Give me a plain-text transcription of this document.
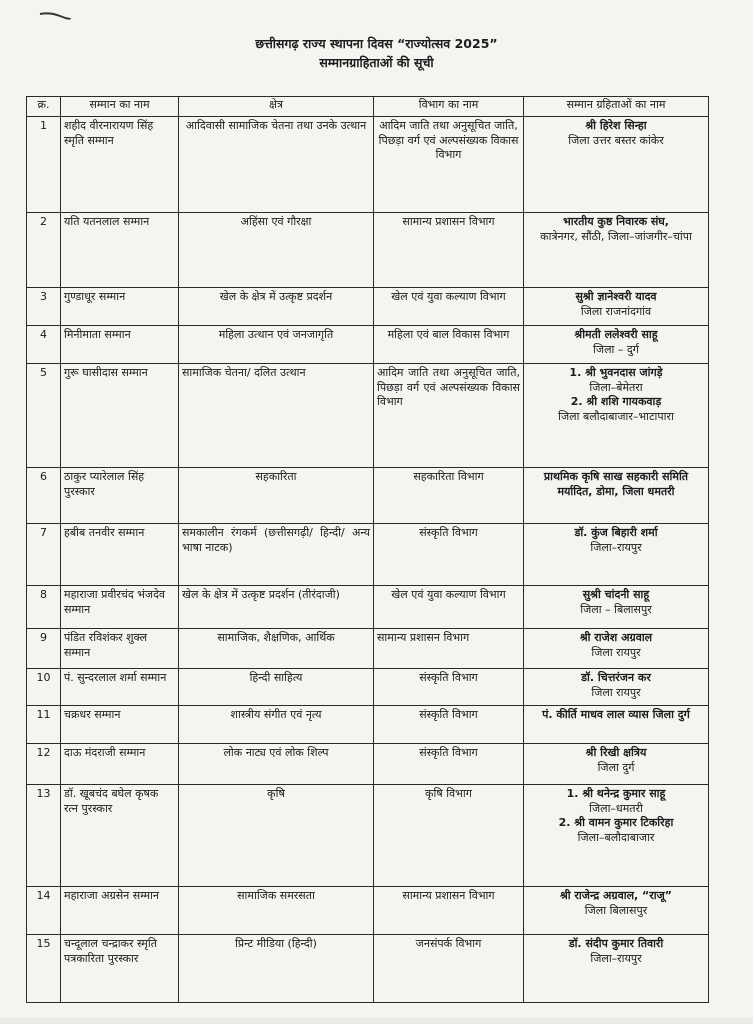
छत्तीसगढ़ राज्य स्थापना दिवस “राज्योत्सव 2025”
सम्मानग्राहिताओं की सूची
क्र.	सम्मान का नाम	क्षेत्र	विभाग का नाम	सम्मान ग्रहिताओं का नाम
1	शहीद वीरनारायण सिंह स्मृति सम्मान	आदिवासी सामाजिक चेतना तथा उनके उत्थान	आदिम जाति तथा अनुसूचित जाति, पिछड़ा वर्ग एवं अल्पसंख्यक विकास विभाग	श्री हिरेश सिन्हा
जिला उत्तर बस्तर कांकेर

2	यति यतनलाल सम्मान	अहिंसा एवं गौरक्षा	सामान्य प्रशासन विभाग	भारतीय कुष्ठ निवारक संघ,
कात्रेनगर, सौंठी, जिला–जांजगीर–चांपा

3	गुण्डाधूर सम्मान	खेल के क्षेत्र में उत्कृष्ट प्रदर्शन	खेल एवं युवा कल्याण विभाग	सुश्री ज्ञानेश्वरी यादव
जिला राजनांदगांव

4	मिनीमाता सम्मान	महिला उत्थान एवं जनजागृति	महिला एवं बाल विकास विभाग	श्रीमती ललेश्वरी साहू
जिला – दुर्ग

5	गुरू घासीदास सम्मान	सामाजिक चेतना/ दलित उत्थान	आदिम जाति तथा अनुसूचित जाति, पिछड़ा वर्ग एवं अल्पसंख्यक विकास विभाग	1. श्री भुवनदास जांगड़े
जिला–बेमेतरा
2. श्री शशि गायकवाड़
जिला बलौदाबाजार–भाटापारा

6	ठाकुर प्यारेलाल सिंह पुरस्कार	सहकारिता	सहकारिता विभाग	प्राथमिक कृषि साख सहकारी समिति मर्यादित, डोमा, जिला धमतरी

7	हबीब तनवीर सम्मान	समकालीन रंगकर्म (छत्तीसगढ़ी/ हिन्दी/ अन्य भाषा नाटक)	संस्कृति विभाग	डॉ. कुंज बिहारी शर्मा
जिला–रायपुर

8	महाराजा प्रवीरचंद भंजदेव सम्मान	खेल के क्षेत्र में उत्कृष्ट प्रदर्शन (तीरंदाजी)	खेल एवं युवा कल्याण विभाग	सुश्री चांदनी साहू
जिला – बिलासपुर

9	पंडित रविशंकर शुक्ल सम्मान	सामाजिक, शैक्षणिक, आर्थिक	सामान्य प्रशासन विभाग	श्री राजेश अग्रवाल
जिला रायपुर

10	पं. सुन्दरलाल शर्मा सम्मान	हिन्दी साहित्य	संस्कृति विभाग	डॉ. चित्तरंजन कर
जिला रायपुर

11	चक्रधर सम्मान	शास्त्रीय संगीत एवं नृत्य	संस्कृति विभाग	पं. कीर्ति माधव लाल व्यास जिला दुर्ग

12	दाऊ मंदराजी सम्मान	लोक नाट्य एवं लोक शिल्प	संस्कृति विभाग	श्री रिखी क्षत्रिय
जिला दुर्ग

13	डॉ. खूबचंद बघेल कृषक रत्न पुरस्कार	कृषि	कृषि विभाग	1. श्री थनेन्द्र कुमार साहू
जिला–धमतरी
2. श्री वामन कुमार टिकरिहा
जिला–बलौदाबाजार

14	महाराजा अग्रसेन सम्मान	सामाजिक समरसता	सामान्य प्रशासन विभाग	श्री राजेन्द्र अग्रवाल, “राजू”
जिला बिलासपुर

15	चन्दूलाल चन्द्राकर स्मृति पत्रकारिता पुरस्कार	प्रिन्ट मीडिया (हिन्दी)	जनसंपर्क विभाग	डॉ. संदीप कुमार तिवारी
जिला–रायपुर
